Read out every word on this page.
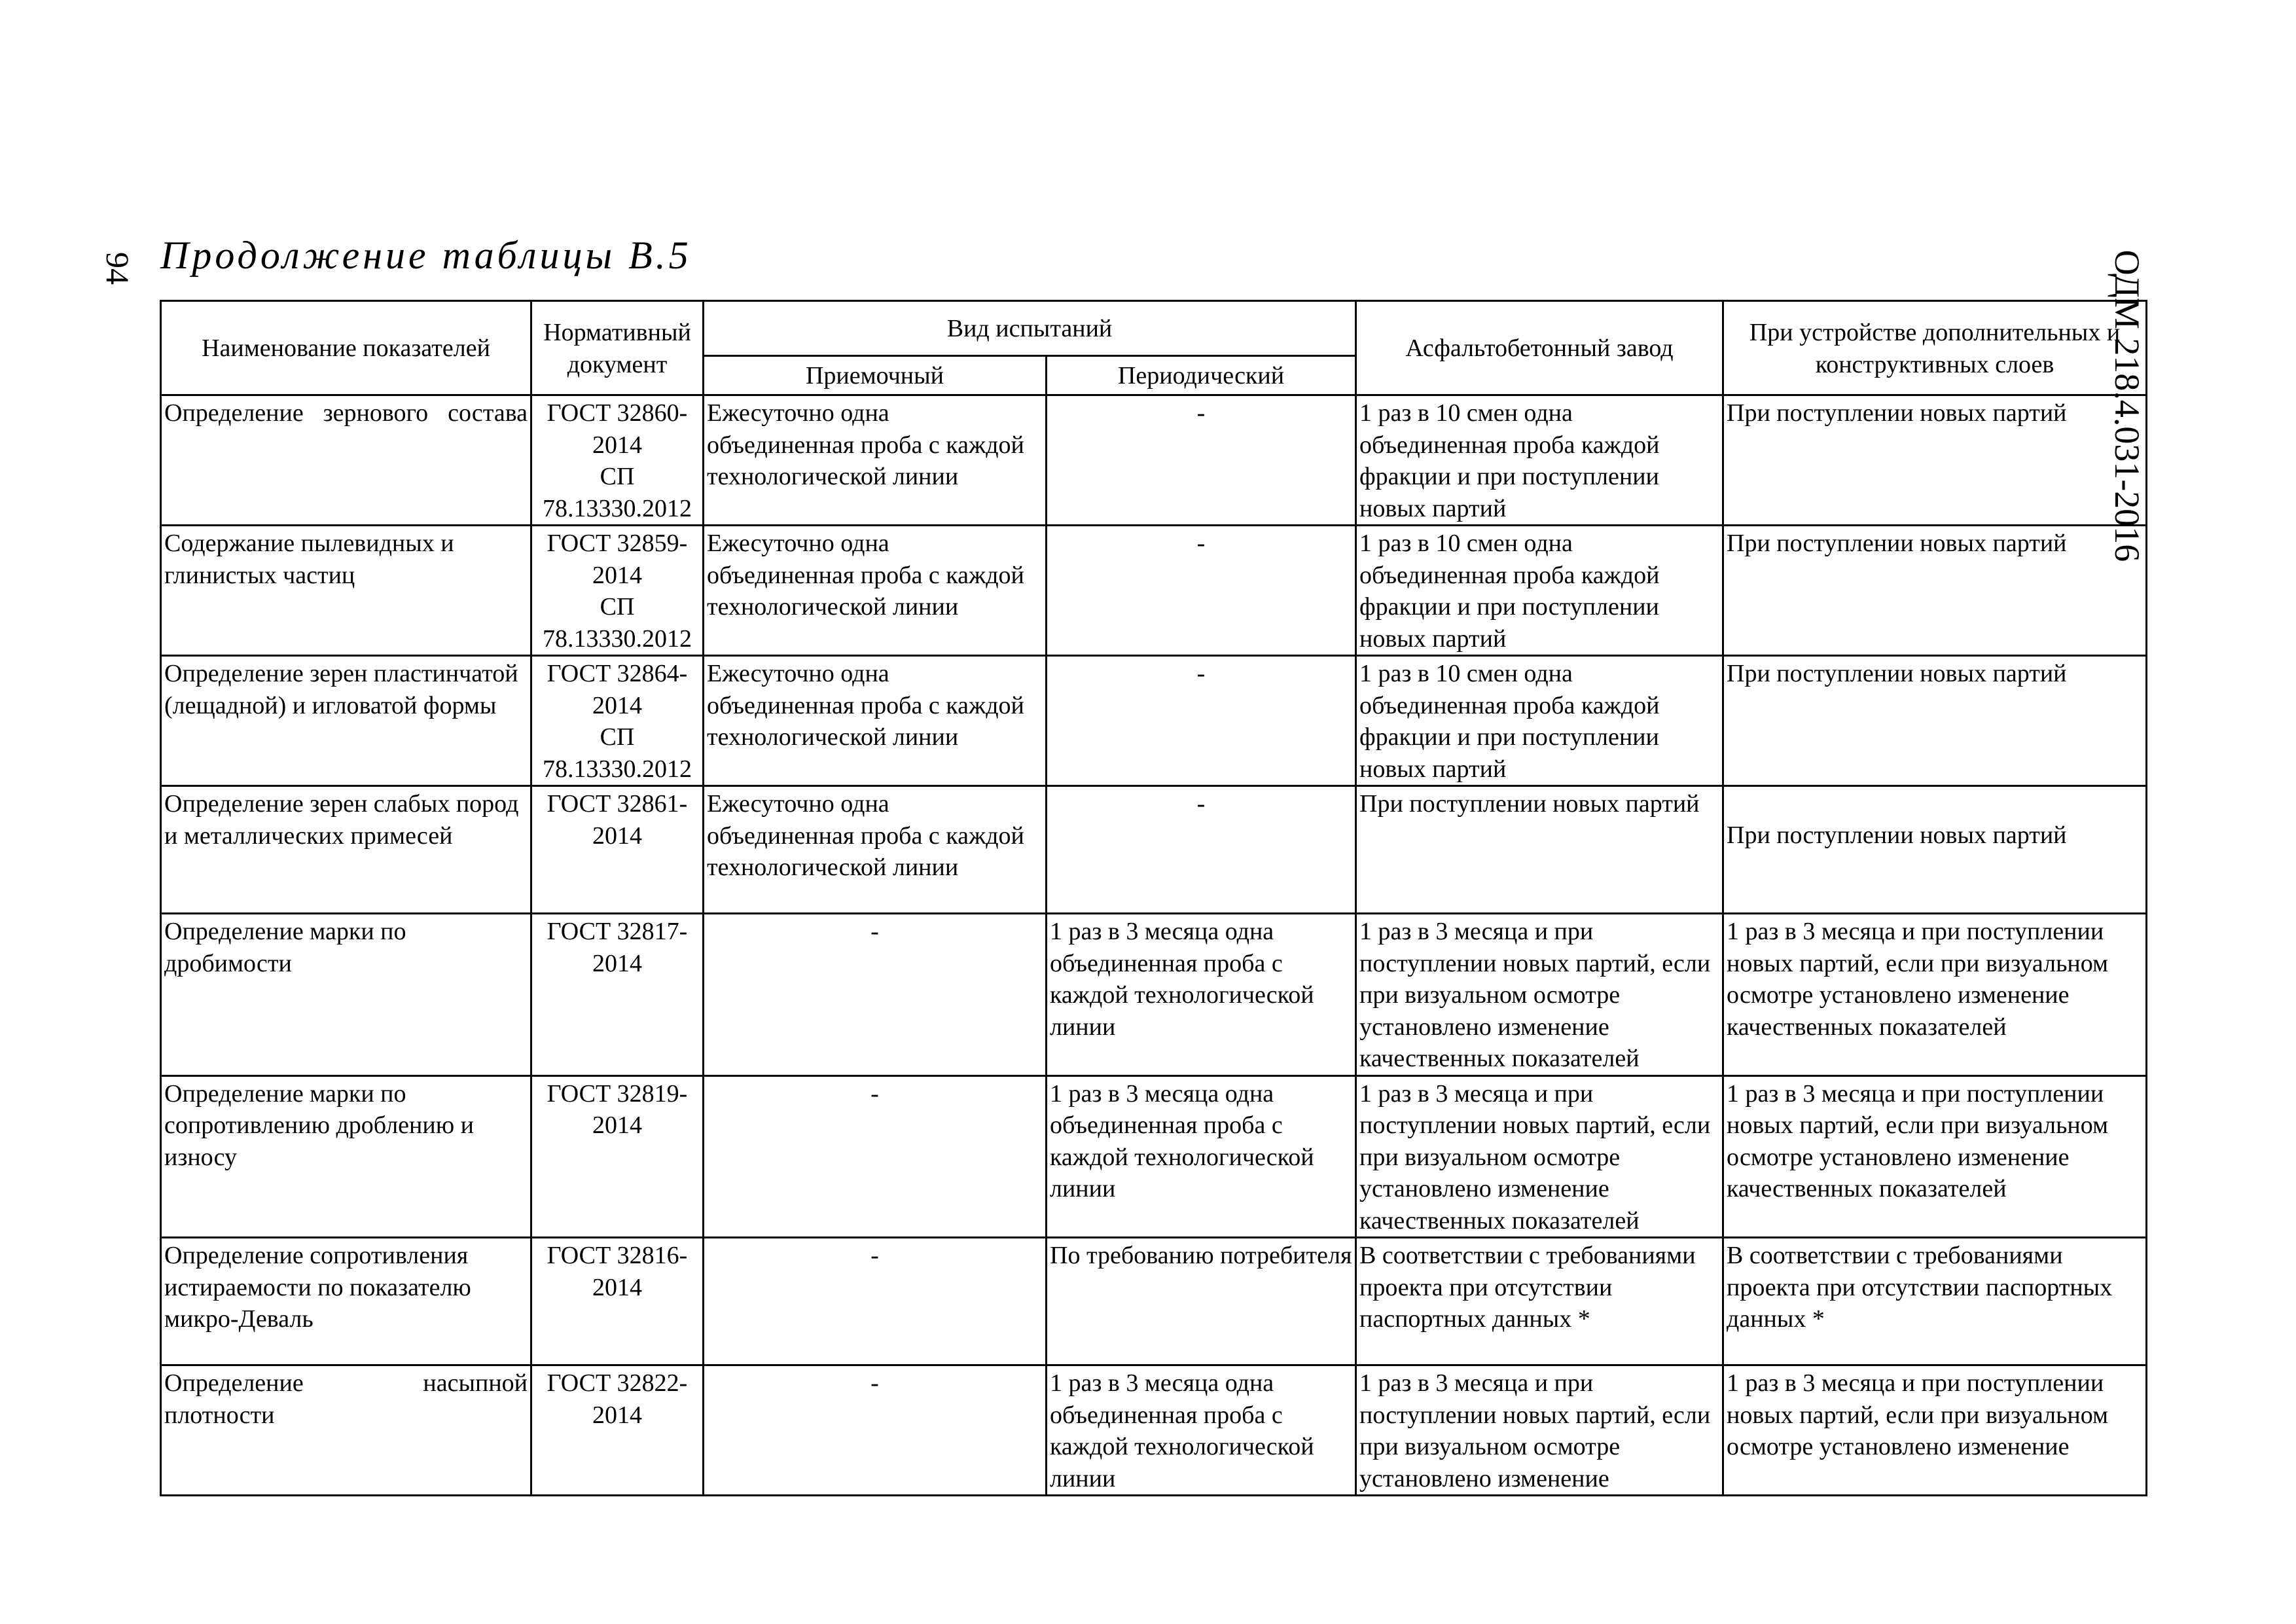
94 Продолжение таблицы В.5	ОДМ 218.4.031-2016
Наименование показателей	Нормативный документ	Вид испытаний		Асфальтобетонный завод	При устройстве дополнительных и конструктивных слоев
		Приемочный	Периодический		
Определение зернового состава	ГОСТ 32860-
2014
СП
78.13330.2012	Ежесуточно одна объединенная проба с каждой технологической линии	-	1 раз в 10 смен одна объединенная проба каждой фракции и при поступлении новых партий	При поступлении новых партий
Содержание пылевидных и глинистых частиц	ГОСТ 32859-
2014
СП
78.13330.2012	Ежесуточно одна объединенная проба с каждой технологической линии	-	1 раз в 10 смен одна объединенная проба каждой фракции и при поступлении новых партий	При поступлении новых партий
Определение зерен пластинчатой (лещадной) и игловатой формы	ГОСТ 32864-
2014
СП
78.13330.2012	Ежесуточно одна объединенная проба с каждой технологической линии	-	1 раз в 10 смен одна объединенная проба каждой фракции и при поступлении новых партий	При поступлении новых партий
Определение зерен слабых пород и металлических примесей	ГОСТ 32861-
2014	Ежесуточно одна объединенная проба с каждой технологической линии	-	При поступлении новых партий	При поступлении новых партий
Определение марки по дробимости	ГОСТ 32817-
2014	-	1 раз в 3 месяца одна объединенная проба с каждой технологической линии	1 раз в 3 месяца и при поступлении новых партий, если при визуальном осмотре установлено изменение качественных показателей	1 раз в 3 месяца и при поступлении новых партий, если при визуальном осмотре установлено изменение качественных показателей
Определение марки по сопротивлению дроблению и износу	ГОСТ 32819-
2014	-	1 раз в 3 месяца одна объединенная проба с каждой технологической линии	1 раз в 3 месяца и при поступлении новых партий, если при визуальном осмотре установлено изменение качественных показателей	1 раз в 3 месяца и при поступлении новых партий, если при визуальном осмотре установлено изменение качественных показателей
Определение сопротивления истираемости по показателю микро-Деваль	ГОСТ 32816-
2014	-	По требованию потребителя	В соответствии с требованиями проекта при отсутствии паспортных данных *	В соответствии с требованиями проекта при отсутствии паспортных данных *
Определение насыпной плотности	ГОСТ 32822-
2014	-	1 раз в 3 месяца одна объединенная проба с каждой технологической линии	1 раз в 3 месяца и при поступлении новых партий, если при визуальном осмотре установлено изменение	1 раз в 3 месяца и при поступлении новых партий, если при визуальном осмотре установлено изменение
